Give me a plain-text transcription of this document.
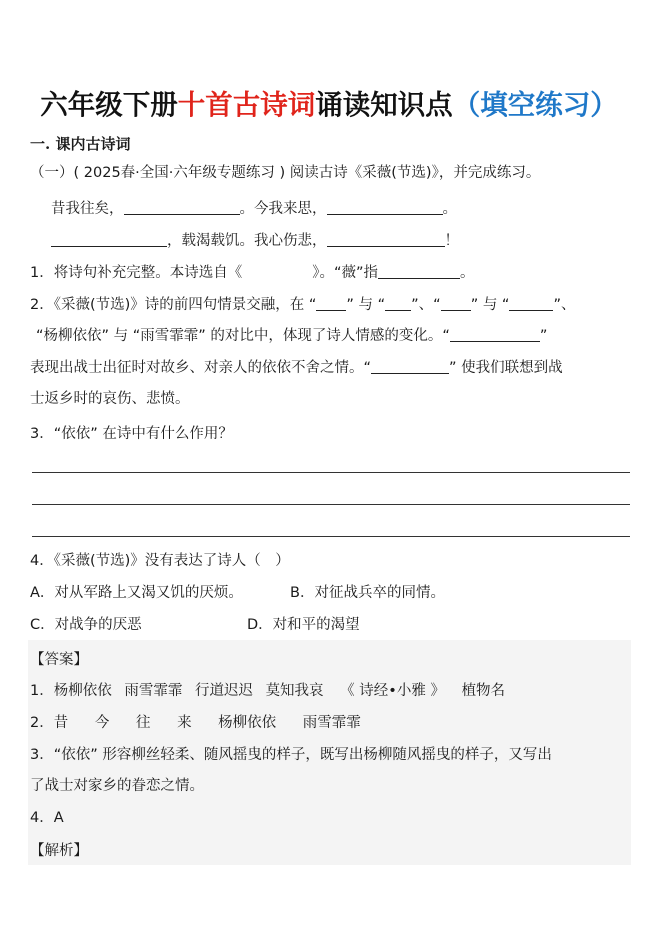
六年级下册十首古诗词诵读知识点（填空练习）
一. 课内古诗词
（一）( 2025春·全国·六年级专题练习 ) 阅读古诗《采薇(节选)》，并完成练习。
昔我往矣，	。今我来思，	。
，载渴载饥。我心伤悲，	！
1．将诗句补充完整。本诗选自《	》。“薇”指	。
2．《采薇(节选)》诗的前四句情景交融，在 “ ” 与 “ ”、“ ” 与 “	”、
“杨柳依依” 与 “雨雪霏霏” 的对比中，体现了诗人情感的变化。“	”
表现出战士出征时对故乡、对亲人的依依不舍之情。“	” 使我们联想到战
士返乡时的哀伤、悲愤。
3．“依依” 在诗中有什么作用？
4．《采薇(节选)》没有表达了诗人（　）
A．对从军路上又渴又饥的厌烦。	B．对征战兵卒的同情。
C．对战争的厌恶	D．对和平的渴望
【答案】
1．杨柳依依 雨雪霏霏 行道迟迟 莫知我哀 《 诗经•小雅 》 植物名
2．昔 今 往 来 杨柳依依 雨雪霏霏
3．“依依” 形容柳丝轻柔、随风摇曳的样子，既写出杨柳随风摇曳的样子，又写出
了战士对家乡的眷恋之情。
4．A
【解析】
